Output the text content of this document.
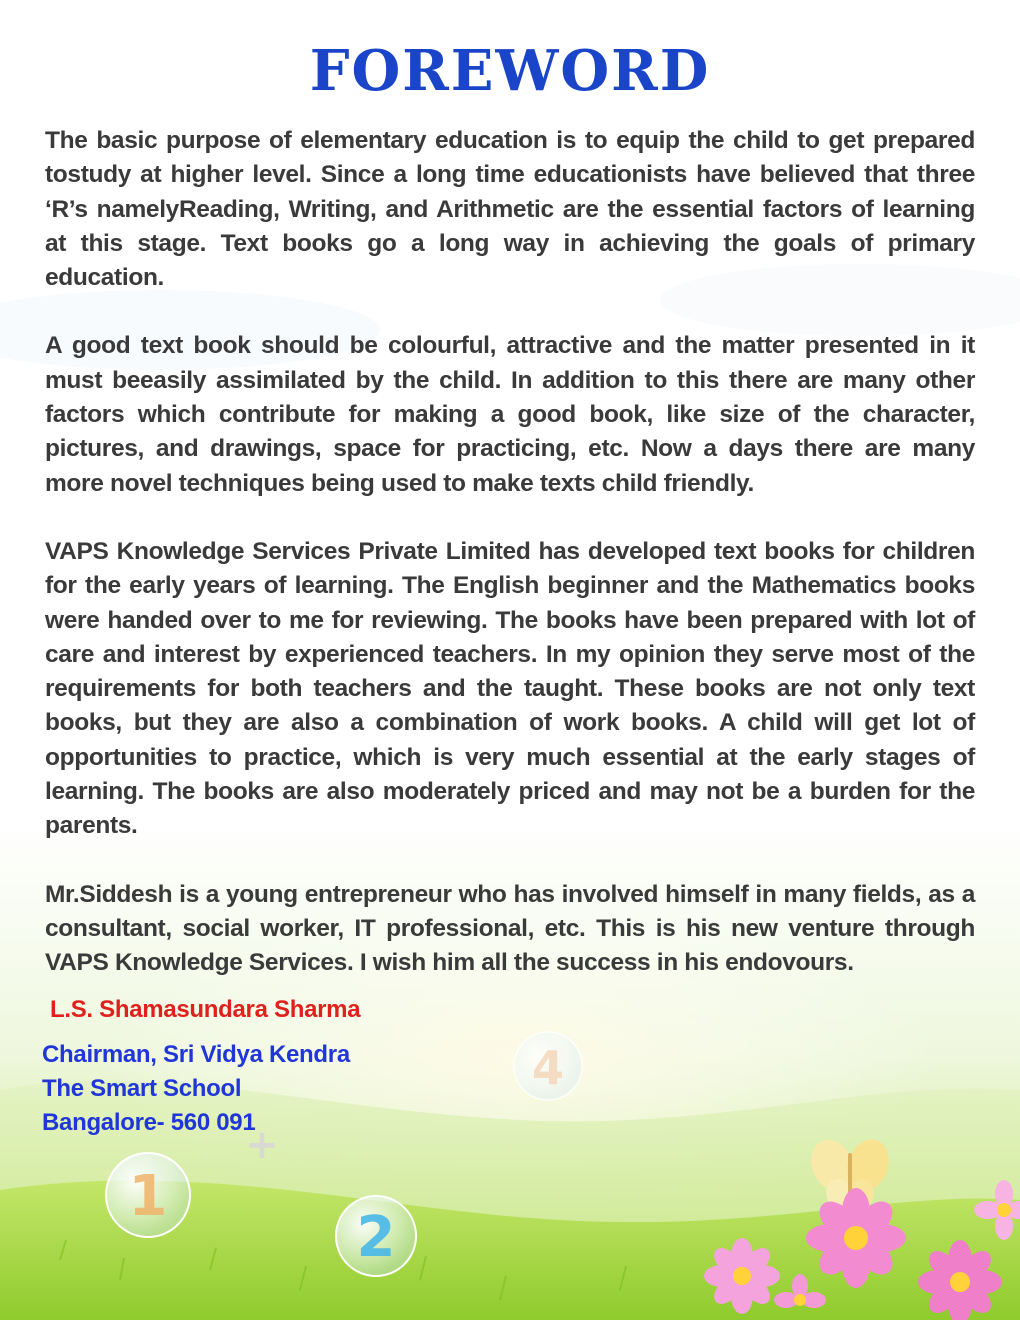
1
2
4
+
FOREWORD

The basic purpose of elementary education is to equip the child to get prepared tostudy at higher level. Since a long time educationists have believed that three ‘R’s namelyReading, Writing, and Arithmetic are the essential factors of learning at this stage. Text books go a long way in achieving the goals of primary education.

A good text book should be colourful, attractive and the matter presented in it must beeasily assimilated by the child. In addition to this there are many other factors which contribute for making a good book, like size of the character, pictures, and drawings, space for practicing, etc. Now a days there are many more novel techniques being used to make texts child friendly.

VAPS Knowledge Services Private Limited has developed text books for children for the early years of learning. The English beginner and the Mathematics books were handed over to me for reviewing. The books have been prepared with lot of care and interest by experienced teachers. In my opinion they serve most of the requirements for both teachers and the taught. These books are not only text books, but they are also a combination of work books. A child will get lot of opportunities to practice, which is very much essential at the early stages of learning. The books are also moderately priced and may not be a burden for the parents.

Mr.Siddesh is a young entrepreneur who has involved himself in many fields, as a consultant, social worker, IT professional, etc. This is his new venture through VAPS Knowledge Services. I wish him all the success in his endovours.

L.S. Shamasundara Sharma

Chairman, Sri Vidya Kendra

The Smart School

Bangalore- 560 091
